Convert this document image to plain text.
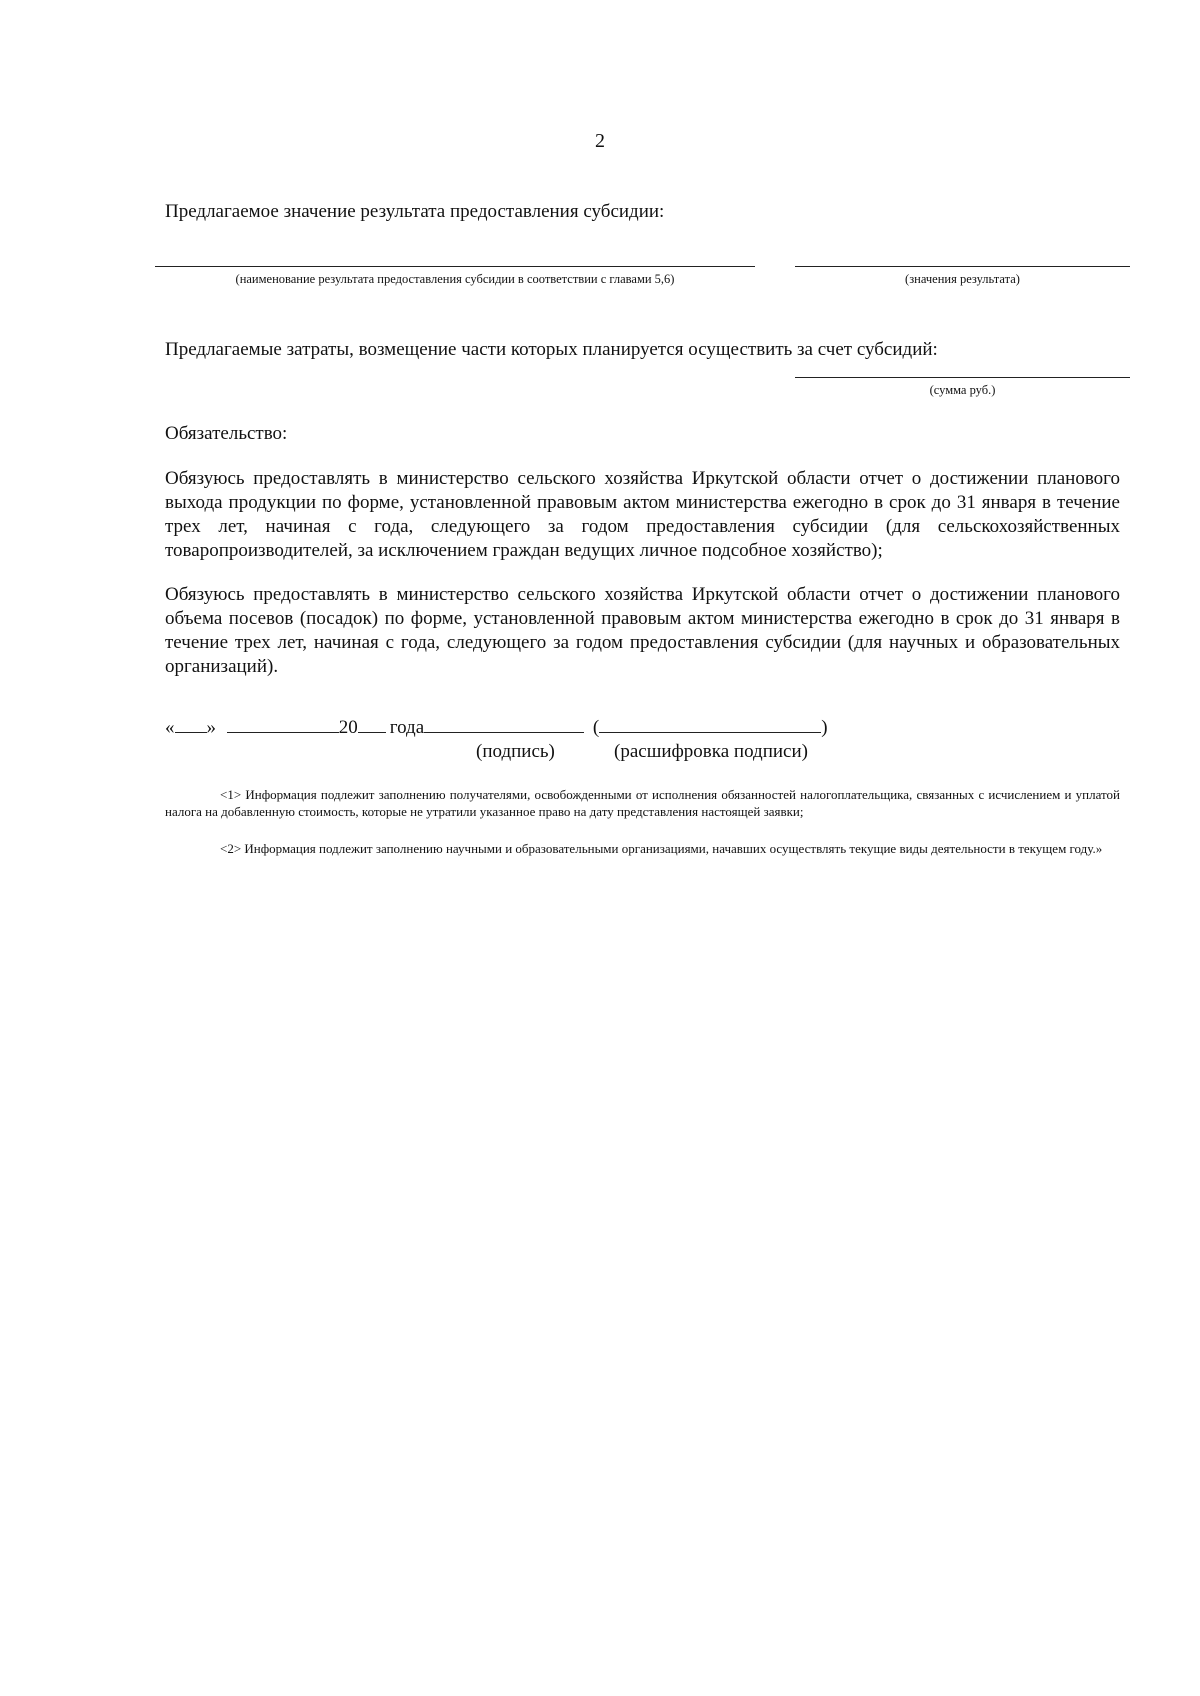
2
Предлагаемое значение результата предоставления субсидии:
(наименование результата предоставления субсидии в соответствии с главами 5,6)	(значения результата)
Предлагаемые затраты, возмещение части которых планируется осуществить за счет субсидий:
(сумма руб.)
Обязательство:
Обязуюсь предоставлять в министерство сельского хозяйства Иркутской области отчет о достижении планового выхода продукции по форме, установленной правовым актом министерства ежегодно в срок до 31 января в течение трех лет, начиная с года, следующего за годом предоставления субсидии (для сельскохозяйственных товаропроизводителей, за исключением граждан ведущих личное подсобное хозяйство);
Обязуюсь предоставлять в министерство сельского хозяйства Иркутской области отчет о достижении планового объема посевов (посадок) по форме, установленной правовым актом министерства ежегодно в срок до 31 января в течение трех лет, начиная с года, следующего за годом предоставления субсидии (для научных и образовательных организаций).
« »	20 года	(	)
(подпись)	(расшифровка подписи)
<1> Информация подлежит заполнению получателями, освобожденными от исполнения обязанностей налогоплательщика, связанных с исчислением и уплатой налога на добавленную стоимость, которые не утратили указанное право на дату представления настоящей заявки;
<2> Информация подлежит заполнению научными и образовательными организациями, начавших осуществлять текущие виды деятельности в текущем году.»
